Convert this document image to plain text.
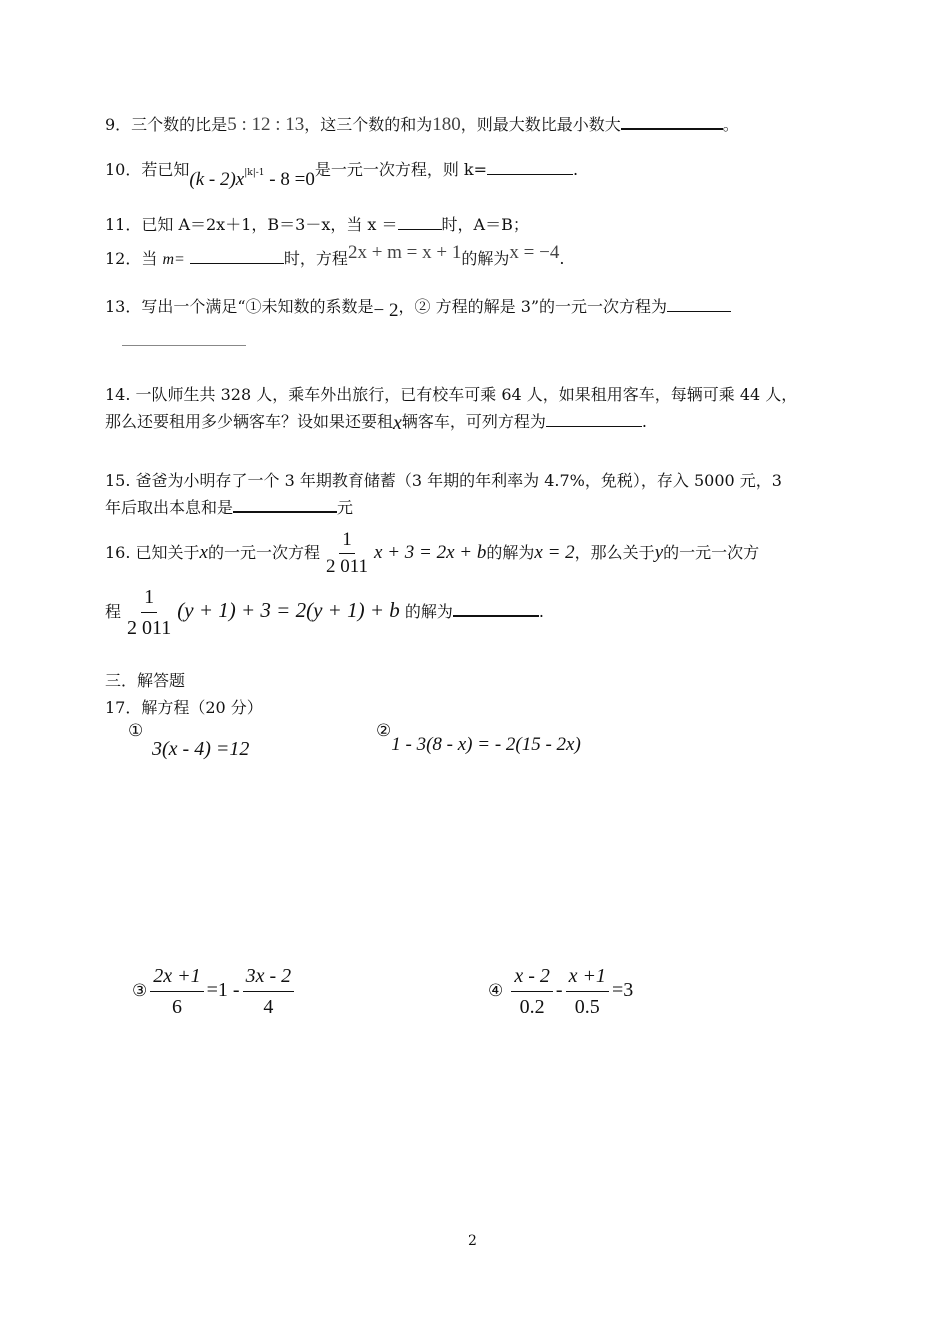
9．三个数的比是5 : 12 : 13，这三个数的和为180，则最大数比最小数大	。
10．若已知$(k - 2)x^{|k|-1} - 8 =0$是一元一次方程，则 k=	.
11．已知 A＝2x＋1，B＝3－x，当 x ＝	时，A＝B；
12．当 m=	时，方程2x + m = x + 1的解为x = −4.
13．写出一个满足“①未知数的系数是− 2，② 方程的解是 3”的一元一次方程为
14. 一队师生共 328 人，乘车外出旅行，已有校车可乘 64 人，如果租用客车，每辆可乘 44 人，
那么还要租用多少辆客车？设如果还要租x辆客车，可列方程为	.
15. 爸爸为小明存了一个 3 年期教育储蓄（3 年期的年利率为 4.7%，免税），存入 5000 元，3
年后取出本息和是	元
16. 已知关于x的一元一次方程 $\frac{1}{2 011}$ x + 3 = 2x + b的解为x = 2，那么关于y的一元一次方
程 $\frac{1}{2 011} (y + 1) + 3 = 2(y + 1) + b$ 的解为	.
三．解答题
17．解方程（20 分）
①
3(x - 4) =12
②1 - 3(8 - x) = - 2(15 - 2x)
③ $\frac{2x +1}{6} =1 - \frac{3x - 2}{4}$	④ $\frac{x - 2}{0.2} - \frac{x +1}{0.5} =3$
2
